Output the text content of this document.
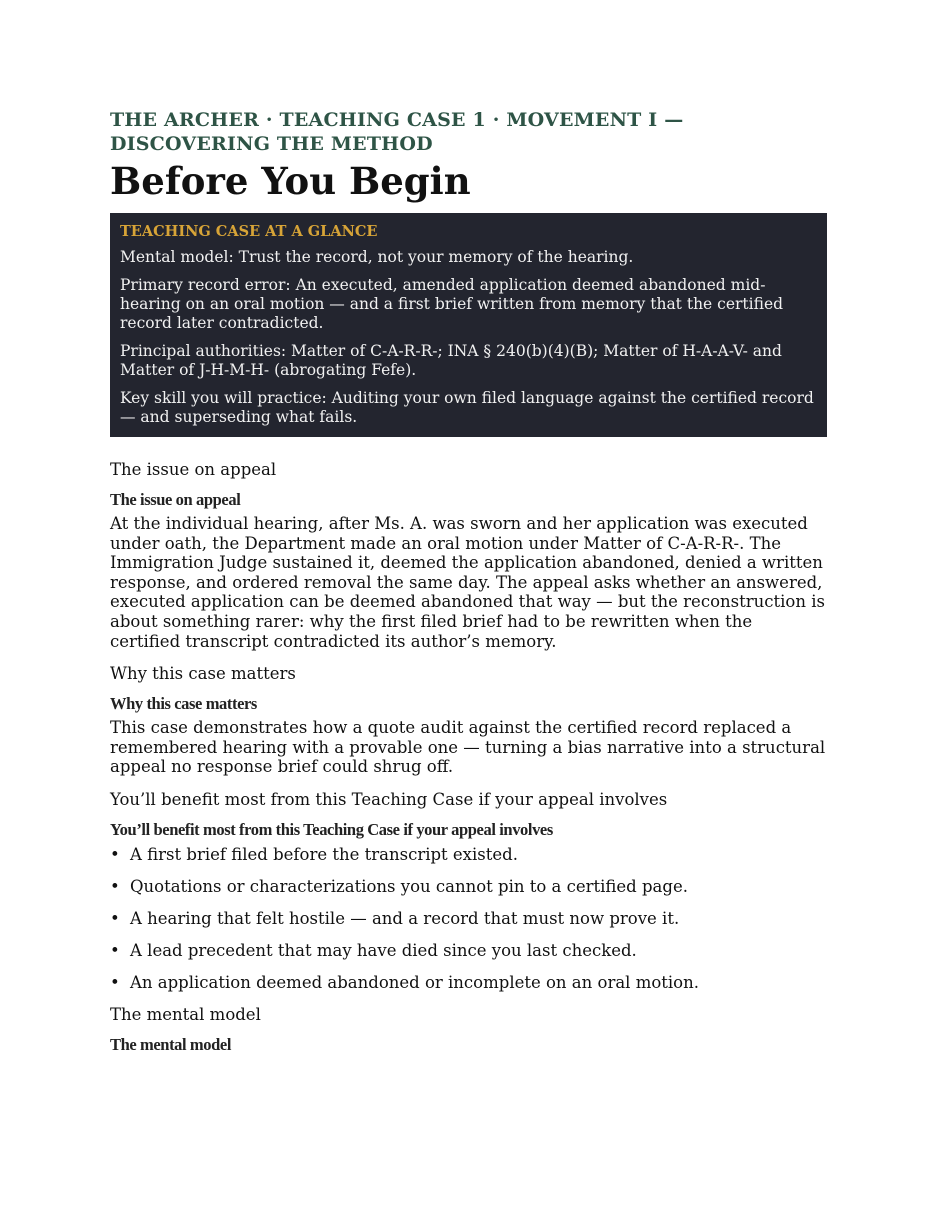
THE ARCHER · TEACHING CASE 1 · MOVEMENT I — DISCOVERING THE METHOD

Before You Begin
TEACHING CASE AT A GLANCE

Mental model: Trust the record, not your memory of the hearing.

Primary record error: An executed, amended application deemed abandoned mid-hearing on an oral motion — and a first brief written from memory that the certified record later contradicted.

Principal authorities: Matter of C-A-R-R-; INA § 240(b)(4)(B); Matter of H-A-A-V- and Matter of J-H-M-H- (abrogating Fefe).

Key skill you will practice: Auditing your own filed language against the certified record — and superseding what fails.

The issue on appeal

The issue on appeal

At the individual hearing, after Ms. A. was sworn and her application was executed under oath, the Department made an oral motion under Matter of C-A-R-R-. The Immigration Judge sustained it, deemed the application abandoned, denied a written response, and ordered removal the same day. The appeal asks whether an answered, executed application can be deemed abandoned that way — but the reconstruction is about something rarer: why the first filed brief had to be rewritten when the certified transcript contradicted its author’s memory.

Why this case matters

Why this case matters

This case demonstrates how a quote audit against the certified record replaced a remembered hearing with a provable one — turning a bias narrative into a structural appeal no response brief could shrug off.

You’ll benefit most from this Teaching Case if your appeal involves

You’ll benefit most from this Teaching Case if your appeal involves
• A first brief filed before the transcript existed.
• Quotations or characterizations you cannot pin to a certified page.
• A hearing that felt hostile — and a record that must now prove it.
• A lead precedent that may have died since you last checked.
• An application deemed abandoned or incomplete on an oral motion.

The mental model

The mental model
